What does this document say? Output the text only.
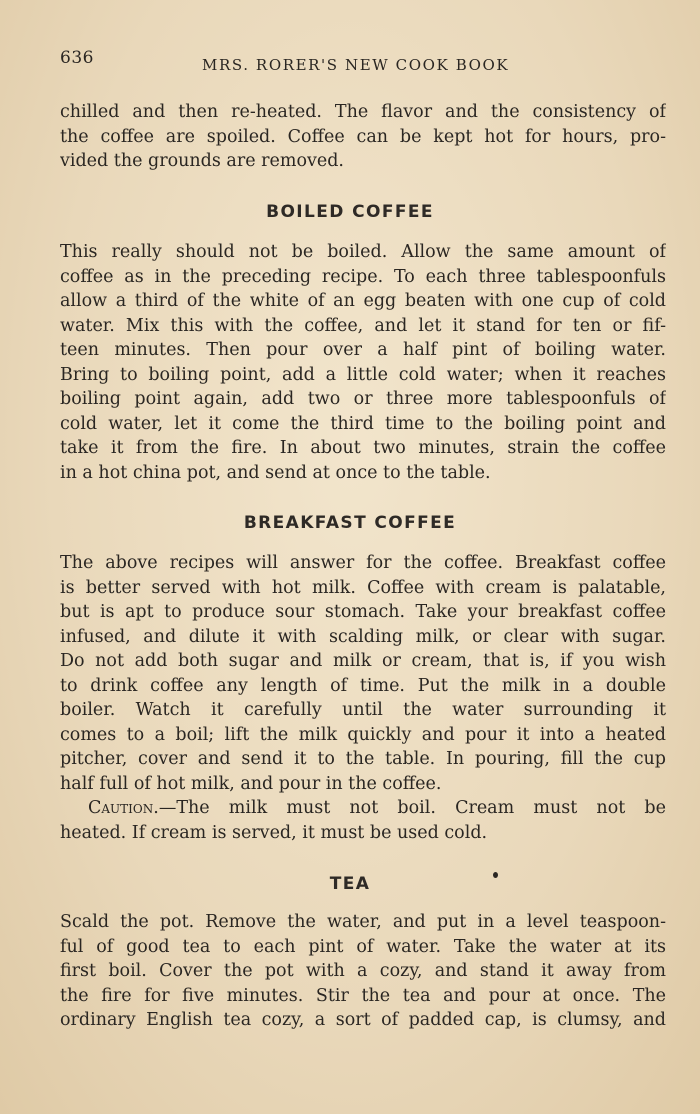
636	MRS. RORER'S NEW COOK BOOK
chilled and then re-heated. The flavor and the consistency of
the coffee are spoiled. Coffee can be kept hot for hours, pro-
vided the grounds are removed.
BOILED COFFEE
This really should not be boiled. Allow the same amount of
coffee as in the preceding recipe. To each three tablespoonfuls
allow a third of the white of an egg beaten with one cup of cold
water. Mix this with the coffee, and let it stand for ten or fif-
teen minutes. Then pour over a half pint of boiling water.
Bring to boiling point, add a little cold water; when it reaches
boiling point again, add two or three more tablespoonfuls of
cold water, let it come the third time to the boiling point and
take it from the fire. In about two minutes, strain the coffee
in a hot china pot, and send at once to the table.
BREAKFAST COFFEE
The above recipes will answer for the coffee. Breakfast coffee
is better served with hot milk. Coffee with cream is palatable,
but is apt to produce sour stomach. Take your breakfast coffee
infused, and dilute it with scalding milk, or clear with sugar.
Do not add both sugar and milk or cream, that is, if you wish
to drink coffee any length of time. Put the milk in a double
boiler. Watch it carefully until the water surrounding it
comes to a boil; lift the milk quickly and pour it into a heated
pitcher, cover and send it to the table. In pouring, fill the cup
half full of hot milk, and pour in the coffee.
Caution.—The milk must not boil. Cream must not be
heated. If cream is served, it must be used cold.
TEA
Scald the pot. Remove the water, and put in a level teaspoon-
ful of good tea to each pint of water. Take the water at its
first boil. Cover the pot with a cozy, and stand it away from
the fire for five minutes. Stir the tea and pour at once. The
ordinary English tea cozy, a sort of padded cap, is clumsy, and
